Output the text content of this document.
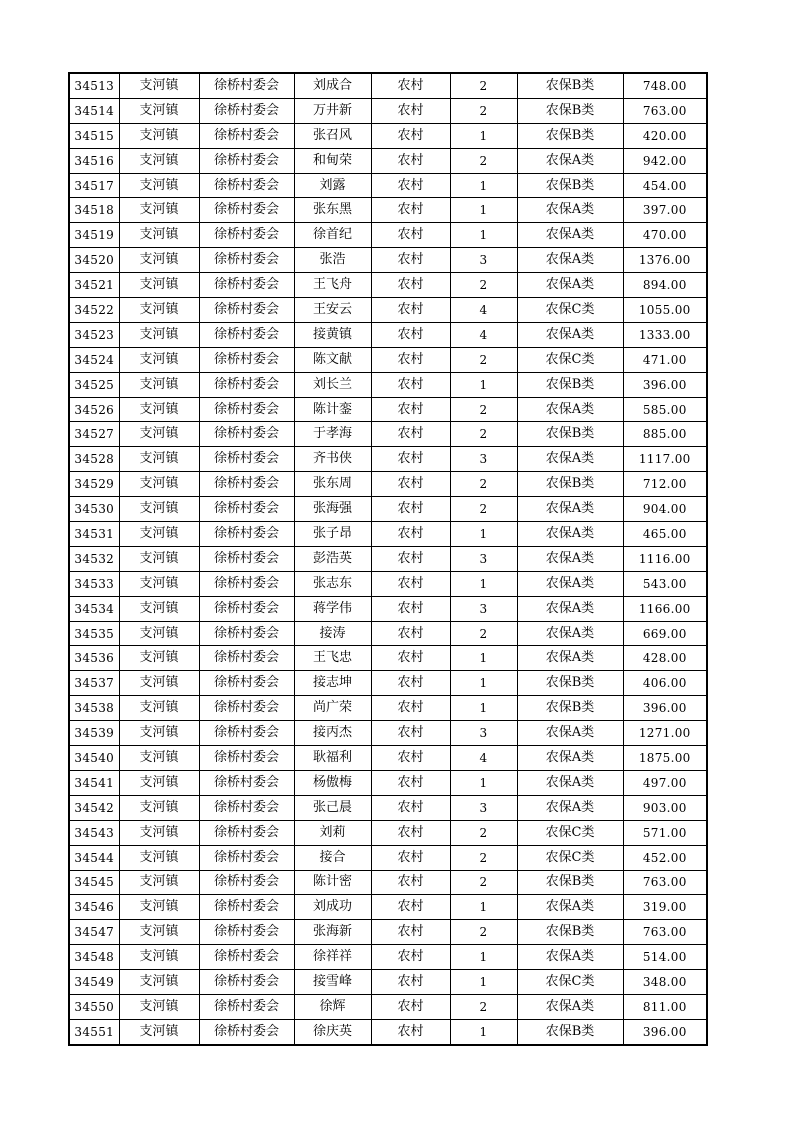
34513	支河镇	徐桥村委会	刘成合	农村	2	农保B类	748.00
34514	支河镇	徐桥村委会	万井新	农村	2	农保B类	763.00
34515	支河镇	徐桥村委会	张召风	农村	1	农保B类	420.00
34516	支河镇	徐桥村委会	和甸荣	农村	2	农保A类	942.00
34517	支河镇	徐桥村委会	刘露	农村	1	农保B类	454.00
34518	支河镇	徐桥村委会	张东黑	农村	1	农保A类	397.00
34519	支河镇	徐桥村委会	徐首纪	农村	1	农保A类	470.00
34520	支河镇	徐桥村委会	张浩	农村	3	农保A类	1376.00
34521	支河镇	徐桥村委会	王飞舟	农村	2	农保A类	894.00
34522	支河镇	徐桥村委会	王安云	农村	4	农保C类	1055.00
34523	支河镇	徐桥村委会	接黄镇	农村	4	农保A类	1333.00
34524	支河镇	徐桥村委会	陈文献	农村	2	农保C类	471.00
34525	支河镇	徐桥村委会	刘长兰	农村	1	农保B类	396.00
34526	支河镇	徐桥村委会	陈计銮	农村	2	农保A类	585.00
34527	支河镇	徐桥村委会	于孝海	农村	2	农保B类	885.00
34528	支河镇	徐桥村委会	齐书侠	农村	3	农保A类	1117.00
34529	支河镇	徐桥村委会	张东周	农村	2	农保B类	712.00
34530	支河镇	徐桥村委会	张海强	农村	2	农保A类	904.00
34531	支河镇	徐桥村委会	张子昂	农村	1	农保A类	465.00
34532	支河镇	徐桥村委会	彭浩英	农村	3	农保A类	1116.00
34533	支河镇	徐桥村委会	张志东	农村	1	农保A类	543.00
34534	支河镇	徐桥村委会	蒋学伟	农村	3	农保A类	1166.00
34535	支河镇	徐桥村委会	接涛	农村	2	农保A类	669.00
34536	支河镇	徐桥村委会	王飞忠	农村	1	农保A类	428.00
34537	支河镇	徐桥村委会	接志坤	农村	1	农保B类	406.00
34538	支河镇	徐桥村委会	尚广荣	农村	1	农保B类	396.00
34539	支河镇	徐桥村委会	接丙杰	农村	3	农保A类	1271.00
34540	支河镇	徐桥村委会	耿福利	农村	4	农保A类	1875.00
34541	支河镇	徐桥村委会	杨傲梅	农村	1	农保A类	497.00
34542	支河镇	徐桥村委会	张己晨	农村	3	农保A类	903.00
34543	支河镇	徐桥村委会	刘莉	农村	2	农保C类	571.00
34544	支河镇	徐桥村委会	接合	农村	2	农保C类	452.00
34545	支河镇	徐桥村委会	陈计密	农村	2	农保B类	763.00
34546	支河镇	徐桥村委会	刘成功	农村	1	农保A类	319.00
34547	支河镇	徐桥村委会	张海新	农村	2	农保B类	763.00
34548	支河镇	徐桥村委会	徐祥祥	农村	1	农保A类	514.00
34549	支河镇	徐桥村委会	接雪峰	农村	1	农保C类	348.00
34550	支河镇	徐桥村委会	徐辉	农村	2	农保A类	811.00
34551	支河镇	徐桥村委会	徐庆英	农村	1	农保B类	396.00
